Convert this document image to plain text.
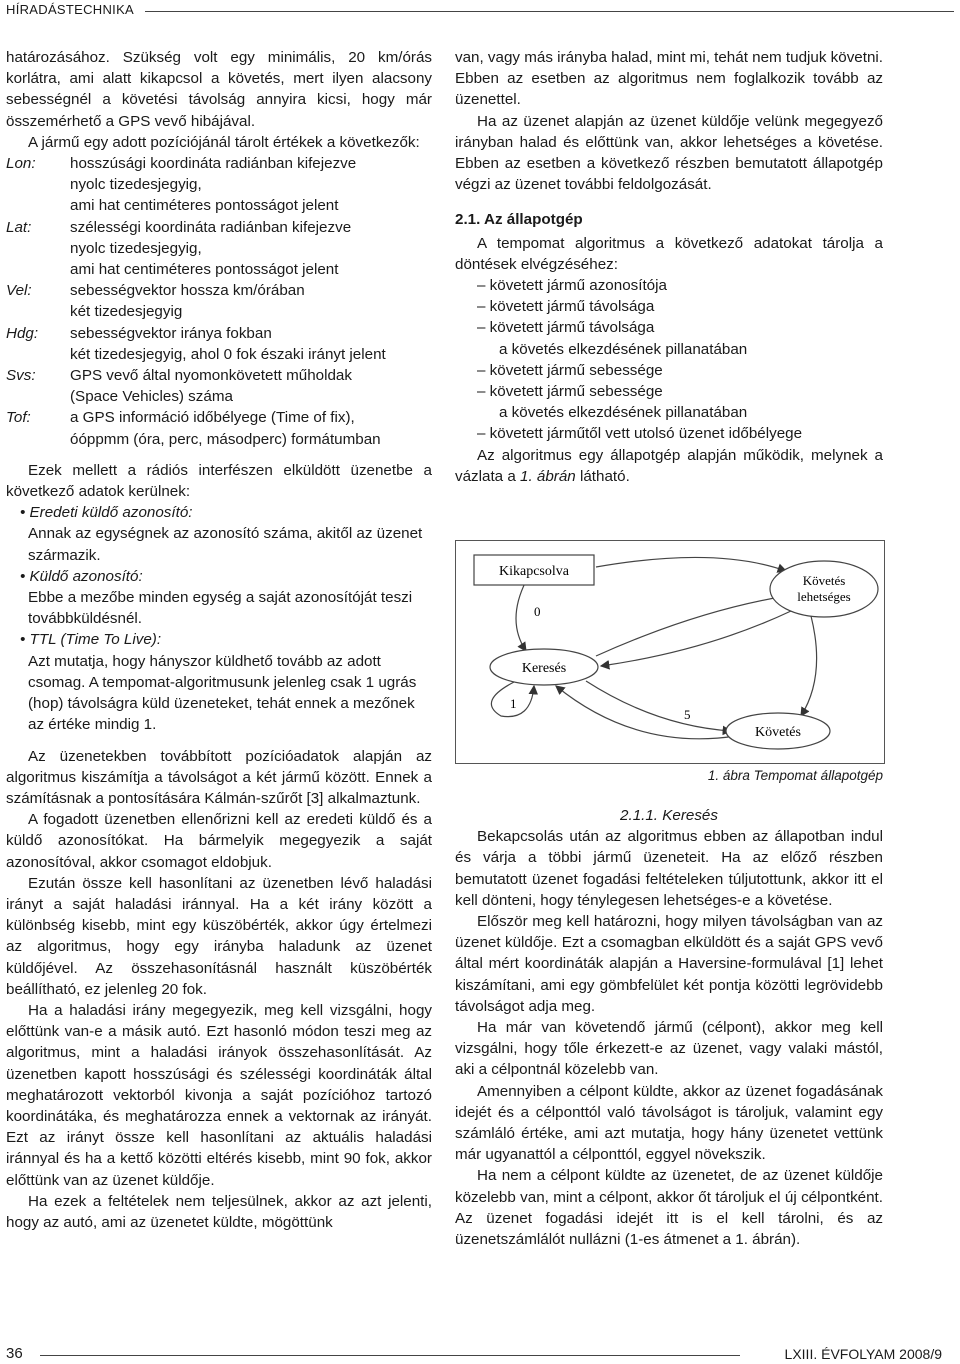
HÍRADÁSTECHNIKA

határozásához. Szükség volt egy minimális, 20 km/órás korlátra, ami alatt kikapcsol a követés, mert ilyen alacsony sebességnél a követési távolság annyira kicsi, hogy már összemérhető a GPS vevő hibájával.

A jármű egy adott pozíciójánál tárolt értékek a következők:

Lon:	hosszúsági koordináta radiánban kifejezve
nyolc tizedesjegyig,
ami hat centiméteres pontosságot jelent
Lat:	szélességi koordináta radiánban kifejezve
nyolc tizedesjegyig,
ami hat centiméteres pontosságot jelent
Vel:	sebességvektor hossza km/órában
két tizedesjegyig
Hdg:	sebességvektor iránya fokban
két tizedesjegyig, ahol 0 fok északi irányt jelent
Svs:	GPS vevő által nyomonkövetett műholdak
(Space Vehicles) száma
Tof:	a GPS információ időbélyege (Time of fix),
óóppmm (óra, perc, másodperc) formátumban

Ezek mellett a rádiós interfészen elküldött üzenetbe a következő adatok kerülnek:

• Eredeti küldő azonosító:
Annak az egységnek az azonosító száma, akitől az üzenet származik.
• Küldő azonosító:
Ebbe a mezőbe minden egység a saját azonosítóját teszi továbbküldésnél.
• TTL (Time To Live):
Azt mutatja, hogy hányszor küldhető tovább az adott csomag. A tempomat-algoritmusunk jelenleg csak 1 ugrás (hop) távolságra küld üzeneteket, tehát ennek a mezőnek az értéke mindig 1.

Az üzenetekben továbbított pozícióadatok alapján az algoritmus kiszámítja a távolságot a két jármű között. Ennek a számításnak a pontosítására Kálmán-szűrőt [3] alkalmaztunk.

A fogadott üzenetben ellenőrizni kell az eredeti küldő és a küldő azonosítókat. Ha bármelyik megegyezik a saját azonosítóval, akkor csomagot eldobjuk.

Ezután össze kell hasonlítani az üzenetben lévő haladási irányt a saját haladási iránnyal. Ha a két irány között a különbség kisebb, mint egy küszöbérték, akkor úgy értelmezi az algoritmus, hogy egy irányba haladunk az üzenet küldőjével. Az összehasonításnál használt küszöbérték beállítható, ez jelenleg 20 fok.

Ha a haladási irány megegyezik, meg kell vizsgálni, hogy előttünk van-e a másik autó. Ezt hasonló módon teszi meg az algoritmus, mint a haladási irányok összehasonlítását. Az üzenetben kapott hosszúsági és szélességi koordináták által meghatározott vektorból kivonja a saját pozícióhoz tartozó koordinátáka, és meghatározza ennek a vektornak az irányát. Ezt az irányt össze kell hasonlítani az aktuális haladási iránnyal és ha a kettő közötti eltérés kisebb, mint 90 fok, akkor előttünk van az üzenet küldője.

Ha ezek a feltételek nem teljesülnek, akkor az azt jelenti, hogy az autó, ami az üzenetet küldte, mögöttünk

van, vagy más irányba halad, mint mi, tehát nem tudjuk követni. Ebben az esetben az algoritmus nem foglalkozik tovább az üzenettel.

Ha az üzenet alapján az üzenet küldője velünk megegyező irányban halad és előttünk van, akkor lehetséges a követése. Ebben az esetben a következő részben bemutatott állapotgép végzi az üzenet további feldolgozását.

2.1. Az állapotgép

A tempomat algoritmus a következő adatokat tárolja a döntések elvégzéséhez:

– követett jármű azonosítója
– követett jármű távolsága
– követett jármű távolsága
a követés elkezdésének pillanatában
– követett jármű sebessége
– követett jármű sebessége
a követés elkezdésének pillanatában
– követett járműtől vett utolsó üzenet időbélyege

Az algoritmus egy állapotgép alapján működik, melynek a vázlata a 1. ábrán látható.

Kikapcsolva
Követés
lehetséges
Keresés
Követés
0
1
5
1. ábra Tempomat állapotgép
2.1.1. Keresés

Bekapcsolás után az algoritmus ebben az állapotban indul és várja a többi jármű üzeneteit. Ha az előző részben bemutatott üzenet fogadási feltételeken túljutottunk, akkor itt el kell dönteni, hogy ténylegesen lehetséges-e a követése.

Először meg kell határozni, hogy milyen távolságban van az üzenet küldője. Ezt a csomagban elküldött és a saját GPS vevő által mért koordináták alapján a Haversine-formulával [1] lehet kiszámítani, ami egy gömbfelület két pontja közötti legrövidebb távolságot adja meg.

Ha már van követendő jármű (célpont), akkor meg kell vizsgálni, hogy tőle érkezett-e az üzenet, vagy valaki mástól, aki a célpontnál közelebb van.

Amennyiben a célpont küldte, akkor az üzenet fogadásának idejét és a célponttól való távolságot is tároljuk, valamint egy számláló értéke, ami azt mutatja, hogy hány üzenetet vettünk már ugyanattól a célponttól, eggyel növekszik.

Ha nem a célpont küldte az üzenetet, de az üzenet küldője közelebb van, mint a célpont, akkor őt tároljuk el új célpontként. Az üzenet fogadási idejét itt is el kell tárolni, és az üzenetszámlálót nullázni (1-es átmenet a 1. ábrán).

36	LXIII. ÉVFOLYAM 2008/9
